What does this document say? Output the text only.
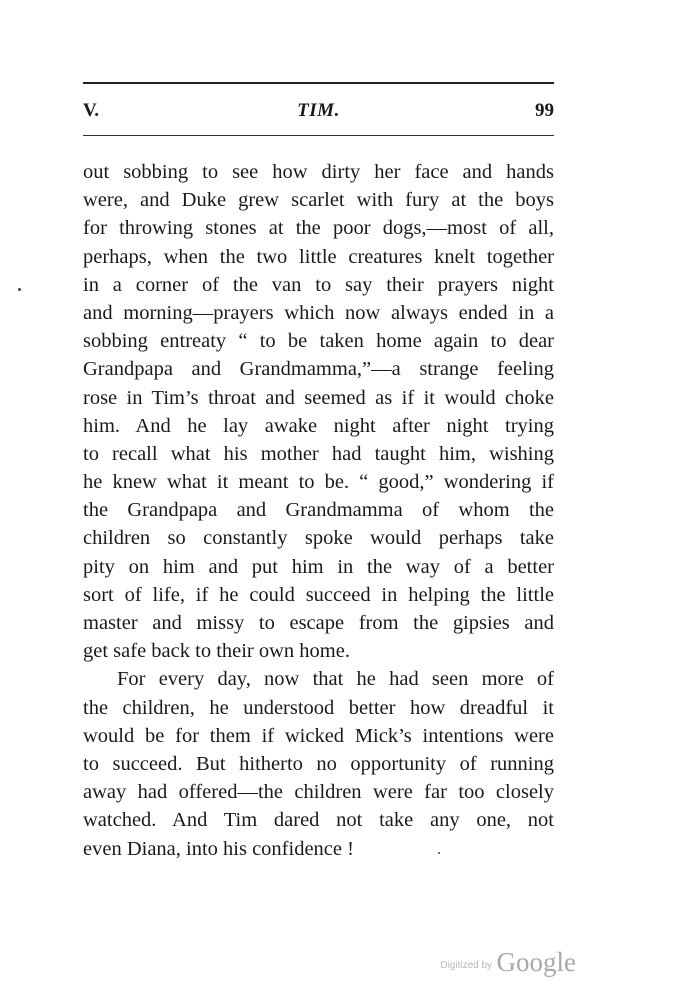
V.	TIM.	99
out sobbing to see how dirty her face and hands
were, and Duke grew scarlet with fury at the boys
for throwing stones at the poor dogs,—most of all,
perhaps, when the two little creatures knelt together
in a corner of the van to say their prayers night
and morning—prayers which now always ended in a
sobbing entreaty “ to be taken home again to dear
Grandpapa and Grandmamma,”—a strange feeling
rose in Tim’s throat and seemed as if it would choke
him. And he lay awake night after night trying
to recall what his mother had taught him, wishing
he knew what it meant to be. “ good,” wondering if
the Grandpapa and Grandmamma of whom the
children so constantly spoke would perhaps take
pity on him and put him in the way of a better
sort of life, if he could succeed in helping the little
master and missy to escape from the gipsies and
get safe back to their own home.
For every day, now that he had seen more of
the children, he understood better how dreadful it
would be for them if wicked Mick’s intentions were
to succeed. But hitherto no opportunity of running
away had offered—the children were far too closely
watched. And Tim dared not take any one, not
even Diana, into his confidence !
Digitized by Google
